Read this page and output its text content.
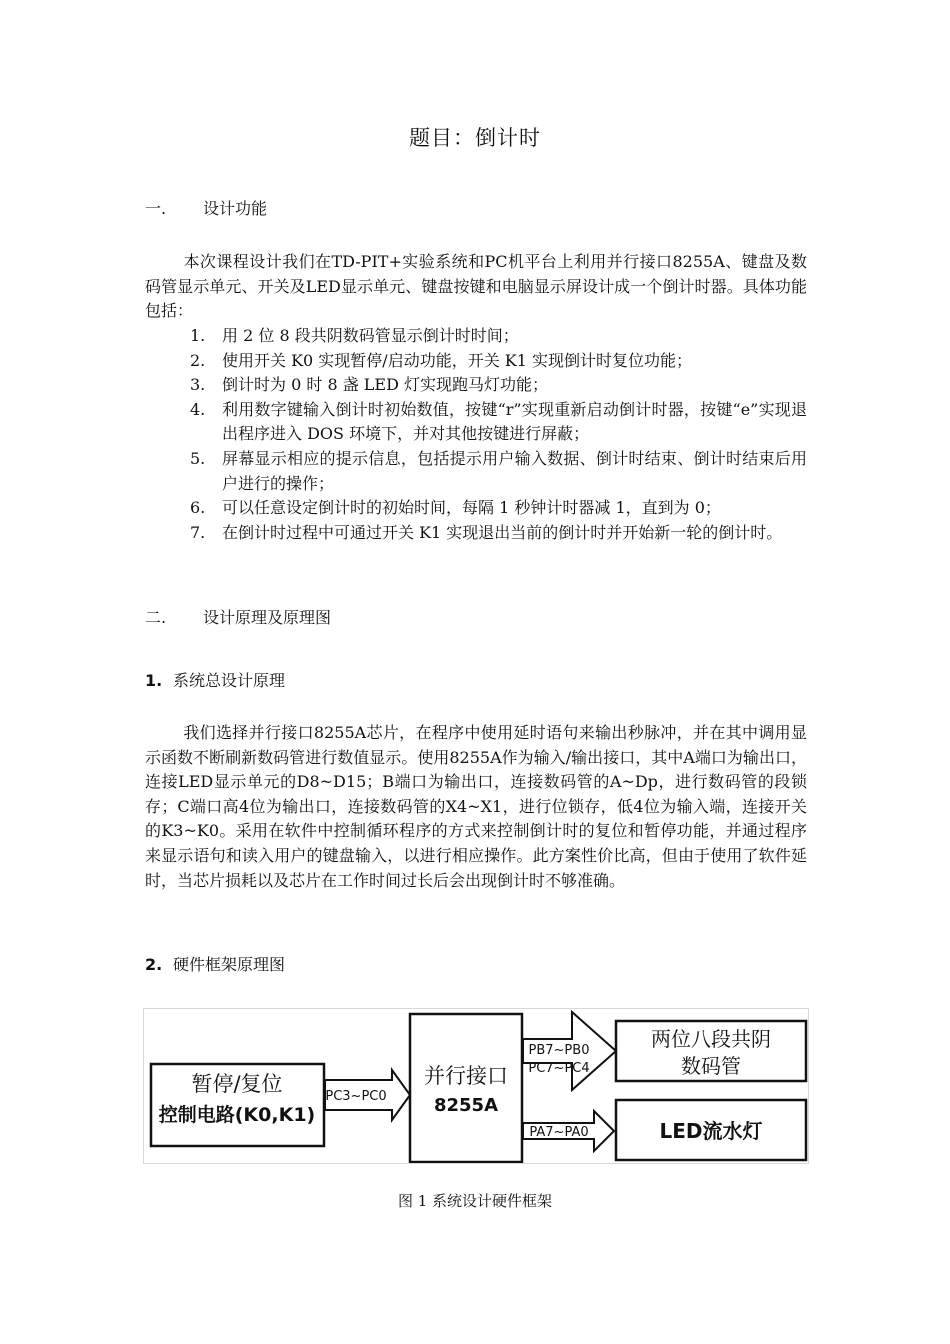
题目：倒计时
一. 设计功能
本次课程设计我们在TD-PIT+实验系统和PC机平台上利用并行接口8255A、键盘及数码管显示单元、开关及LED显示单元、键盘按键和电脑显示屏设计成一个倒计时器。具体功能包括：
1. 用 2 位 8 段共阴数码管显示倒计时时间；
2. 使用开关 K0 实现暂停/启动功能，开关 K1 实现倒计时复位功能；
3. 倒计时为 0 时 8 盏 LED 灯实现跑马灯功能；
4. 利用数字键输入倒计时初始数值，按键“r”实现重新启动倒计时器，按键“e”实现退出程序进入 DOS 环境下，并对其他按键进行屏蔽；
5. 屏幕显示相应的提示信息，包括提示用户输入数据、倒计时结束、倒计时结束后用户进行的操作；
6. 可以任意设定倒计时的初始时间，每隔 1 秒钟计时器减 1，直到为 0；
7. 在倒计时过程中可通过开关 K1 实现退出当前的倒计时并开始新一轮的倒计时。
二. 设计原理及原理图
1. 系统总设计原理
我们选择并行接口8255A芯片，在程序中使用延时语句来输出秒脉冲，并在其中调用显示函数不断刷新数码管进行数值显示。使用8255A作为输入/输出接口，其中A端口为输出口，连接LED显示单元的D8~D15；B端口为输出口，连接数码管的A~Dp，进行数码管的段锁存；C端口高4位为输出口，连接数码管的X4~X1，进行位锁存，低4位为输入端，连接开关的K3~K0。采用在软件中控制循环程序的方式来控制倒计时的复位和暂停功能，并通过程序来显示语句和读入用户的键盘输入，以进行相应操作。此方案性价比高，但由于使用了软件延时，当芯片损耗以及芯片在工作时间过长后会出现倒计时不够准确。
2. 硬件框架原理图
暂停/复位
控制电路(K0,K1)
PC3~PC0
并行接口
8255A
PB7~PB0
PC7~PC4
PA7~PA0
两位八段共阴
数码管
LED流水灯
图 1 系统设计硬件框架
